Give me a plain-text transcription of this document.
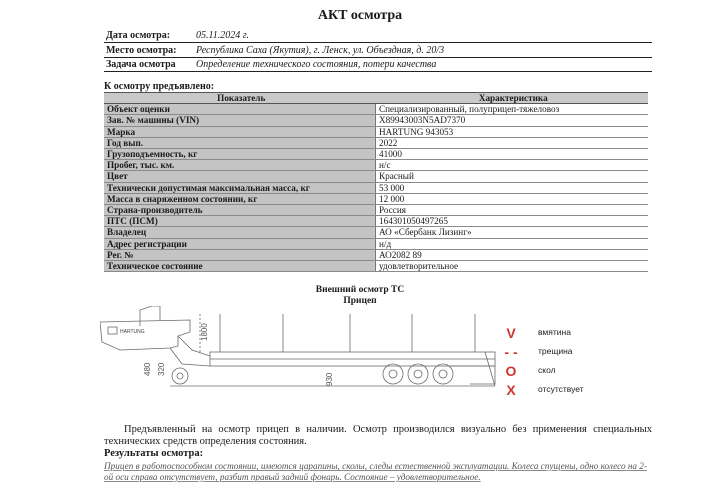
АКТ осмотра
Дата осмотра:	05.11.2024 г.
Место осмотра: Республика Саха (Якутия), г. Ленск, ул. Объездная, д. 20/3
Задача осмотра Определение технического состояния, потери качества
К осмотру предъявлено:
Показатель	Характеристика
Объект оценки	Специализированный, полуприцеп-тяжеловоз
Зав. № машины (VIN)	X89943003N5AD7370
Марка	HARTUNG 943053
Год вып.	2022
Грузоподъемность, кг	41000
Пробег, тыс. км.	н/с
Цвет	Красный
Технически допустимая максимальная масса, кг	53 000
Масса в снаряженном состоянии, кг	12 000
Страна-производитель	Россия
ПТС (ПСМ)	164301050497265
Владелец	АО «Сбербанк Лизинг»
Адрес регистрации	н/д
Рег. №	АО2082 89
Техническое состояние	удовлетворительное
Внешний осмотр ТС
Прицеп
HARTUNG	1800
480 320
930
V	вмятина
- -	трещина
O	скол
X	отсутствует
Предъявленный на осмотр прицеп в наличии. Осмотр производился визуально без применения специальных технических средств определения состояния.
Результаты осмотра:
Прицеп в работоспособном состоянии, имеются царапины, сколы, следы естественной эксплуатации. Колеса спущены, одно колесо на 2-ой оси справа отсутствует, разбит правый задний фонарь. Состояние – удовлетворительное.
